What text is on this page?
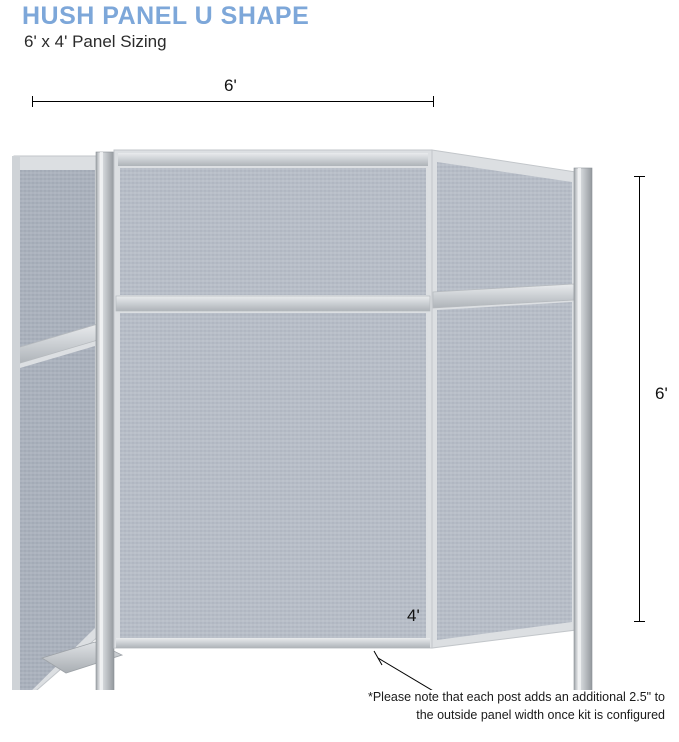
HUSH PANEL U SHAPE
6' x 4' Panel Sizing
6'
6'
4'
*Please note that each post adds an additional 2.5" to
the outside panel width once kit is configured
